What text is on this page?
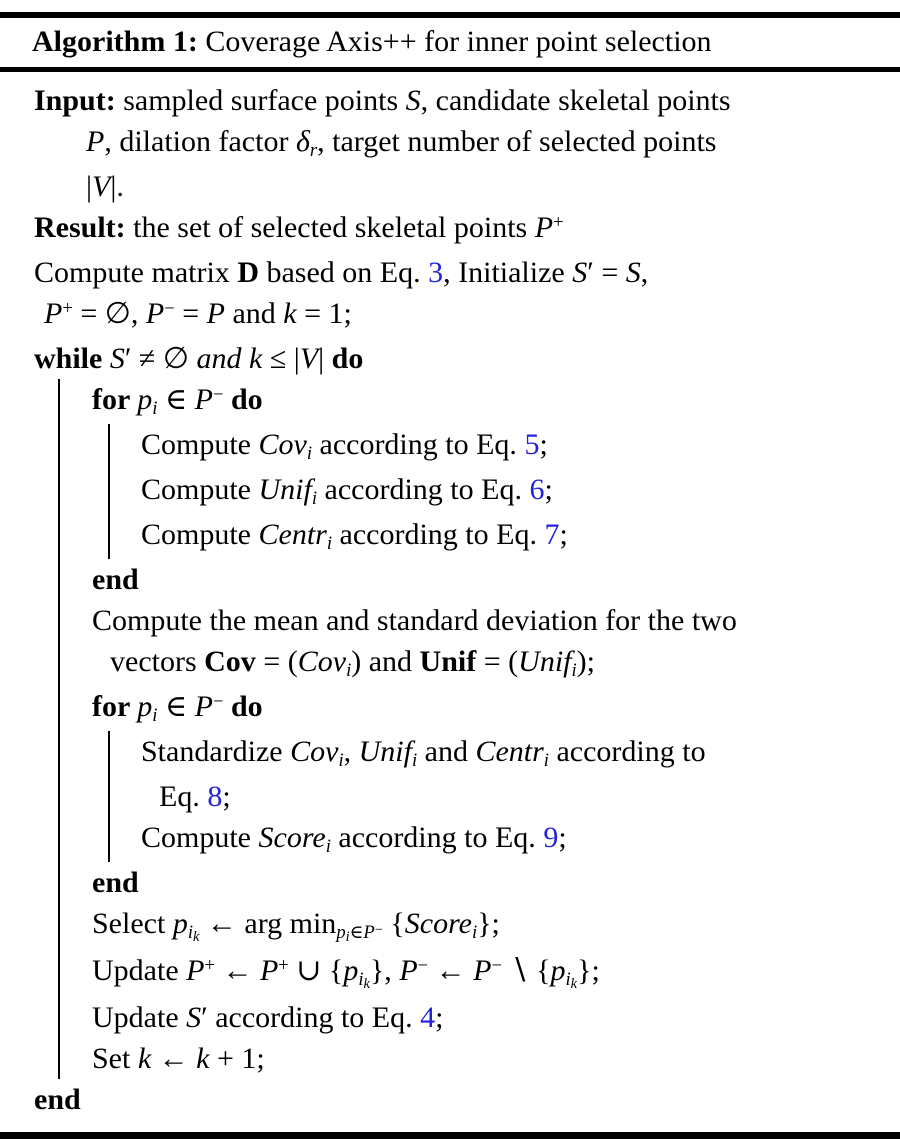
Algorithm 1: Coverage Axis++ for inner point selection
Input: sampled surface points S, candidate skeletal points
P, dilation factor δr, target number of selected points
|V|.
Result: the set of selected skeletal points P+
Compute matrix D based on Eq. 3, Initialize S′ = S,
P+ = ∅, P− = P and k = 1;
while S′ ≠ ∅ and k ≤ |V| do
for pi ∈ P− do
Compute Covi according to Eq. 5;
Compute Unifi according to Eq. 6;
Compute Centri according to Eq. 7;
end
Compute the mean and standard deviation for the two
vectors Cov = (Covi) and Unif = (Unifi);
for pi ∈ P− do
Standardize Covi, Unifi and Centri according to
Eq. 8;
Compute Scorei according to Eq. 9;
end
Select $pi_k$ ← arg minp$_i$∈P− {Scorei};
Update P+ ← P+ ∪ $\{pi_k\}$, P− ← P− ∖ $\{pi_k\}$;
Update S′ according to Eq. 4;
Set k ← k + 1;
end
